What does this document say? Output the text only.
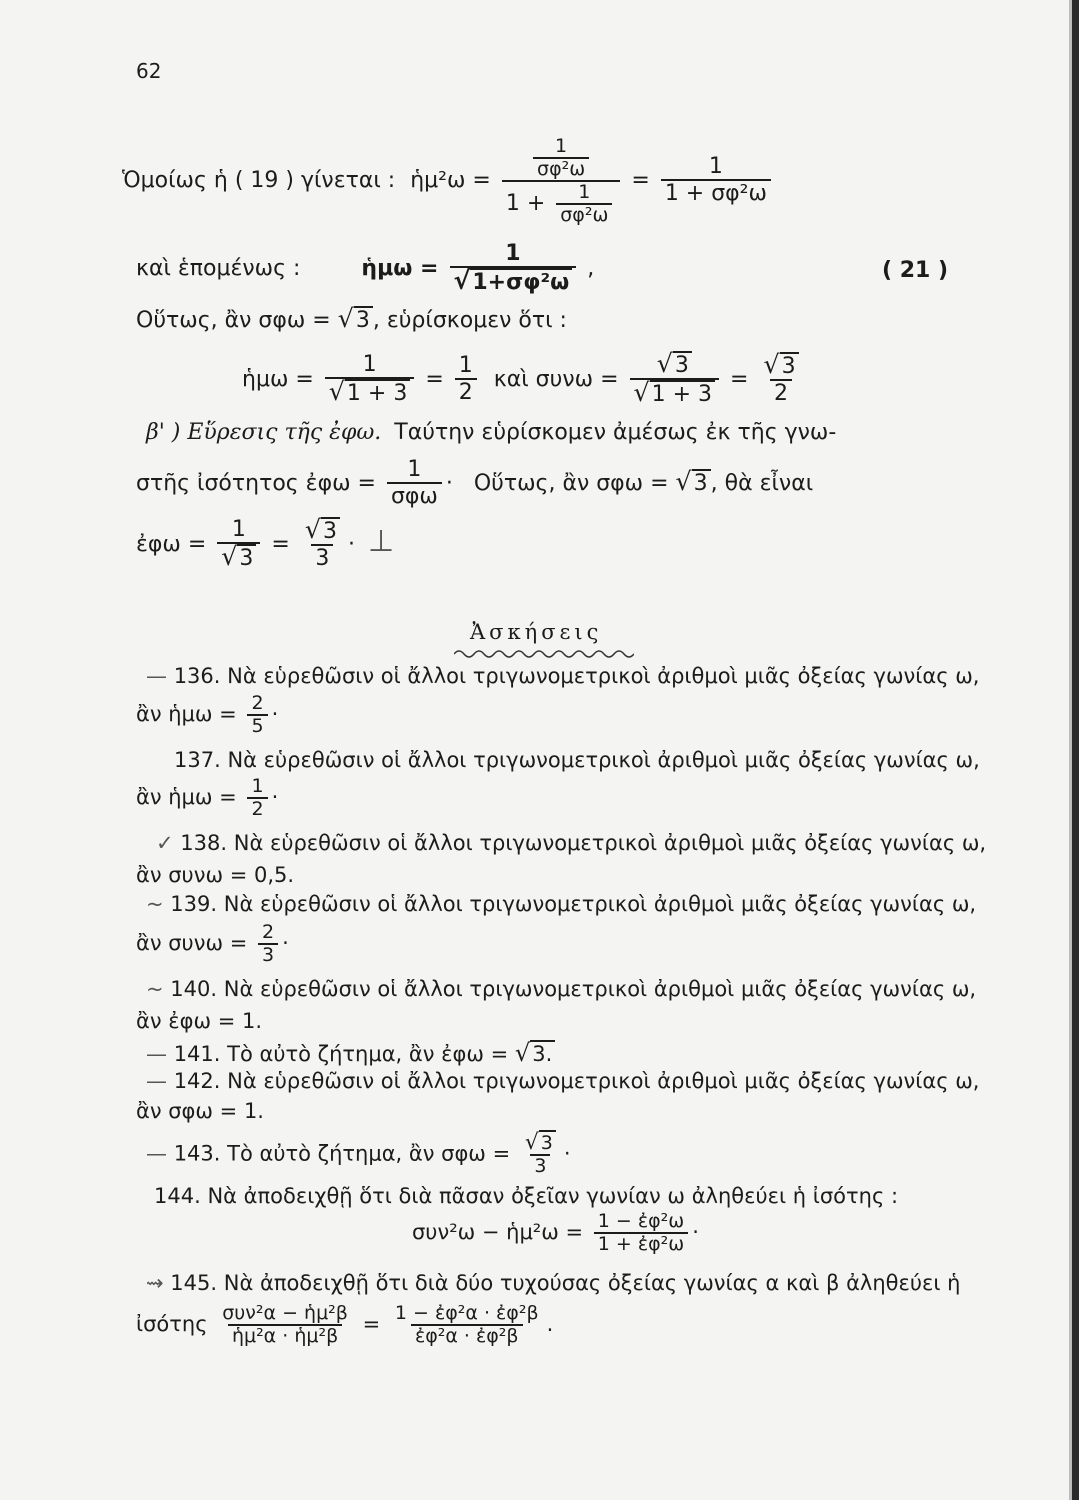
62
Ὁμοίως ἡ ( 19 ) γίνεται : ἡμ²ω = $\frac{\frac{1}{\text{σφ²ω}}}{1 + \frac{1}{\text{σφ²ω}}} = \frac{1}{\text{1 + σφ²ω}}$
καὶ ἑπομένως :	ἡμω = $\frac{1}{\text{√1+σφ²ω}}$ ,	( 21 )
Οὕτως, ἂν σφω = √3 , εὑρίσκομεν ὅτι :
ἡμω = $\frac{1}{√1 + 3} = \frac{1}{2}$ καὶ $\sigma\upsilon\nu\omega = \frac{√3}{√1 + 3} = \frac{√3}{2}$
β' ) Εὕρεσις τῆς ἐφω. Ταύτην εὑρίσκομεν ἀμέσως ἐκ τῆς γνω-
στῆς ἰσότητος ἐφω = $\frac{1}{\text{σφω}}$ · Οὕτως, ἂν σφω = √3 , θὰ εἶναι
ἐφω = $\frac{1}{√3} = \frac{√3}{3}$ · ⊥
Ἀσκήσεις
— 136. Νὰ εὑρεθῶσιν οἱ ἄλλοι τριγωνομετρικοὶ ἀριθμοὶ μιᾶς ὀξείας γωνίας ω,
ἂν ἡμω = $\frac{2}{5}$ ·
137. Νὰ εὑρεθῶσιν οἱ ἄλλοι τριγωνομετρικοὶ ἀριθμοὶ μιᾶς ὀξείας γωνίας ω,
ἂν ἡμω = $\frac{1}{2}$ ·
✓ 138. Νὰ εὑρεθῶσιν οἱ ἄλλοι τριγωνομετρικοὶ ἀριθμοὶ μιᾶς ὀξείας γωνίας ω,
ἂν συνω = 0,5.
~ 139. Νὰ εὑρεθῶσιν οἱ ἄλλοι τριγωνομετρικοὶ ἀριθμοὶ μιᾶς ὀξείας γωνίας ω,
ἂν $\sigma\upsilon\nu\omega = \frac{2}{3}$ ·
~ 140. Νὰ εὑρεθῶσιν οἱ ἄλλοι τριγωνομετρικοὶ ἀριθμοὶ μιᾶς ὀξείας γωνίας ω,
ἂν ἐφω = 1.
— 141. Τὸ αὐτὸ ζήτημα, ἂν ἐφω = √3.
— 142. Νὰ εὑρεθῶσιν οἱ ἄλλοι τριγωνομετρικοὶ ἀριθμοὶ μιᾶς ὀξείας γωνίας ω,
ἂν σφω = 1.
— 143. Τὸ αὐτὸ ζήτημα, ἂν $\sigma\varphi\omega = \frac{√ 3}{3}$ ·
144. Νὰ ἀποδειχθῇ ὅτι διὰ πᾶσαν ὀξεῖαν γωνίαν ω ἀληθεύει ἡ ἰσότης :
συν²ω − ἡμ²ω = $\frac{\text{1 − ἐφ²ω}}{\text{1 + ἐφ²ω}}$ ·
⇝ 145. Νὰ ἀποδειχθῇ ὅτι διὰ δύο τυχούσας ὀξείας γωνίας α καὶ β ἀληθεύει ἡ
ἰσότης $\frac{\text{συν²α − ἡμ²β}}{\text{ἡμ²α · ἡμ²β}} = \frac{\text{1 − ἐφ²α · ἐφ²β}}{\text{ἐφ²α · ἐφ²β}}$ .
